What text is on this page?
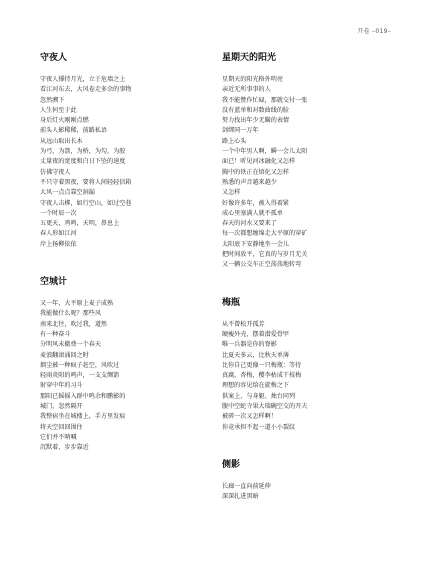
开卷 –019–
守夜人
守夜人撑持月光，立于危墙之上
看江河东去，大风卷走多余的事物
忽然溯下
人生何至于此
身后灯火刚刚点燃
前头人影稀稀，前路私语
从远山取出长木
为弓，为箭，为桥，为勾，为胶
丈量夜的宽度和白日下坠的速度
仿佛守夜人
不只守着黑夜，要将人间轻轻信箱
大风一点点靠空洞漏
守夜人击梆，如行空山，如过空巷
一个时辰一次
五更天，鸡鸣，天明，鼻息上
春人形如江河
岸上扬柳依依
空城计
又一年，大平原上麦子成熟
我能做什么呢？那些风
南来北往，吹过我，道然
有一种奋斗
分明风未撤费一个春天
麦浪翻滚涌回之时
烟尘被一种疯子赶空，风吹过
轻雨炎阳的鸣声，一支支绸箭
射穿中年的习斗
那阳已摇摇入群中鸣余和鹏影的
城门，忽然隔开
我整宿坐在城楼上，手方里发痕
将天空回回围住
它们并不呐喊
沉默着，步步靠近
星期天的阳光
星期天的阳光格外明亮
亲近无所事事的人
我不能赞作忙碌，那就交付一张
没有蓝单和对数曲线的脸
努力找出年少无瞒的表情
剑绑同一万年
路上心头
一个中年男人啊，瞬一会儿太阳
面已！听见河冰融化又怎样
胸中的铁正在熔化又怎样
熟悉的声音越来越少
又怎样
好像许多年，被入得着紧
成心里塞满人就不孤单
春天的河水又要来了
每一次都想缠绵走大平原的穿矿
太阳底下安静地坐一会儿
把时间放平，它真的与岁月无关
又一辆公交车正空荡荡地转弯
梅瓶
从不曾松开孤芳
硬瘦外壳，摆着潜爱骨甲
唯一兵器是你的脊影
比夏天多云，比秋天单薄
比你自己更像一只梅瓶：等待
真腐，杏梅，樱李枯成干枝梅
理想的容见给在旋梅之下
供案上，与身躯、烛台同列
腹中空蛇寺果大瑞碗空交的开夫
被碎一次又怎样啊！
你竟承担不起一道小小裂纹
侧影
长廊一直向前延伸
深深扎进黑暗
